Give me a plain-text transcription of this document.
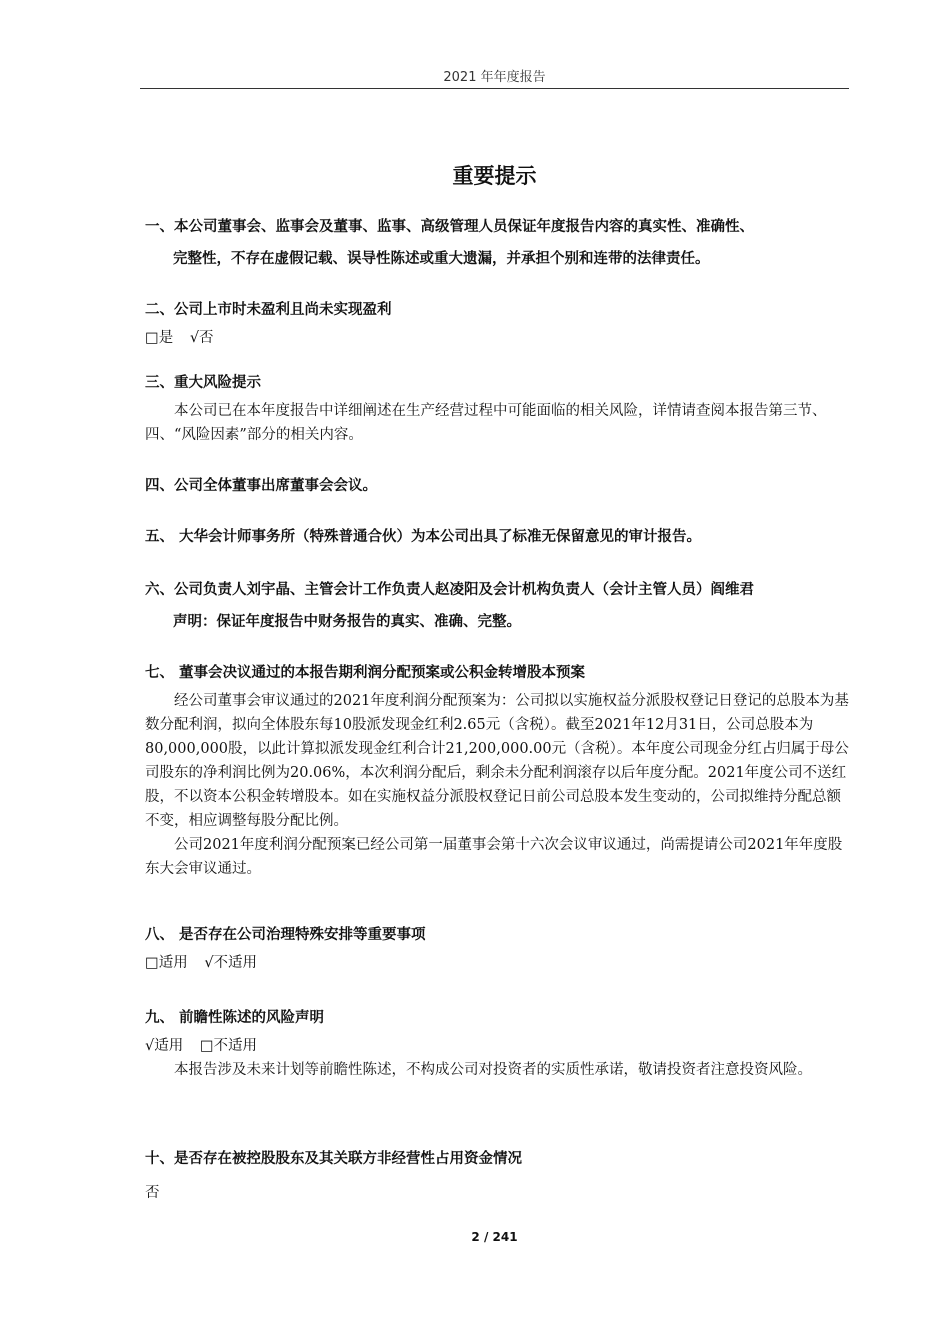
2021 年年度报告
重要提示

一、本公司董事会、监事会及董事、监事、高级管理人员保证年度报告内容的真实性、准确性、
完整性，不存在虚假记载、误导性陈述或重大遗漏，并承担个别和连带的法律责任。

二、公司上市时未盈利且尚未实现盈利

□是 √否

三、重大风险提示

本公司已在本年度报告中详细阐述在生产经营过程中可能面临的相关风险，详情请查阅本报告第三节、四、“风险因素”部分的相关内容。

四、公司全体董事出席董事会会议。

五、 大华会计师事务所（特殊普通合伙）为本公司出具了标准无保留意见的审计报告。

六、公司负责人刘宇晶、主管会计工作负责人赵凌阳及会计机构负责人（会计主管人员）阎维君
声明：保证年度报告中财务报告的真实、准确、完整。

七、 董事会决议通过的本报告期利润分配预案或公积金转增股本预案

经公司董事会审议通过的2021年度利润分配预案为：公司拟以实施权益分派股权登记日登记的总股本为基数分配利润，拟向全体股东每10股派发现金红利2.65元（含税）。截至2021年12月31日，公司总股本为80,000,000股，以此计算拟派发现金红利合计21,200,000.00元（含税）。本年度公司现金分红占归属于母公司股东的净利润比例为20.06%，本次利润分配后，剩余未分配利润滚存以后年度分配。2021年度公司不送红股，不以资本公积金转增股本。如在实施权益分派股权登记日前公司总股本发生变动的，公司拟维持分配总额不变，相应调整每股分配比例。

公司2021年度利润分配预案已经公司第一届董事会第十六次会议审议通过，尚需提请公司2021年年度股东大会审议通过。

八、 是否存在公司治理特殊安排等重要事项

□适用 √不适用

九、 前瞻性陈述的风险声明

√适用 □不适用

本报告涉及未来计划等前瞻性陈述，不构成公司对投资者的实质性承诺，敬请投资者注意投资风险。

十、是否存在被控股股东及其关联方非经营性占用资金情况

否

2 / 241
